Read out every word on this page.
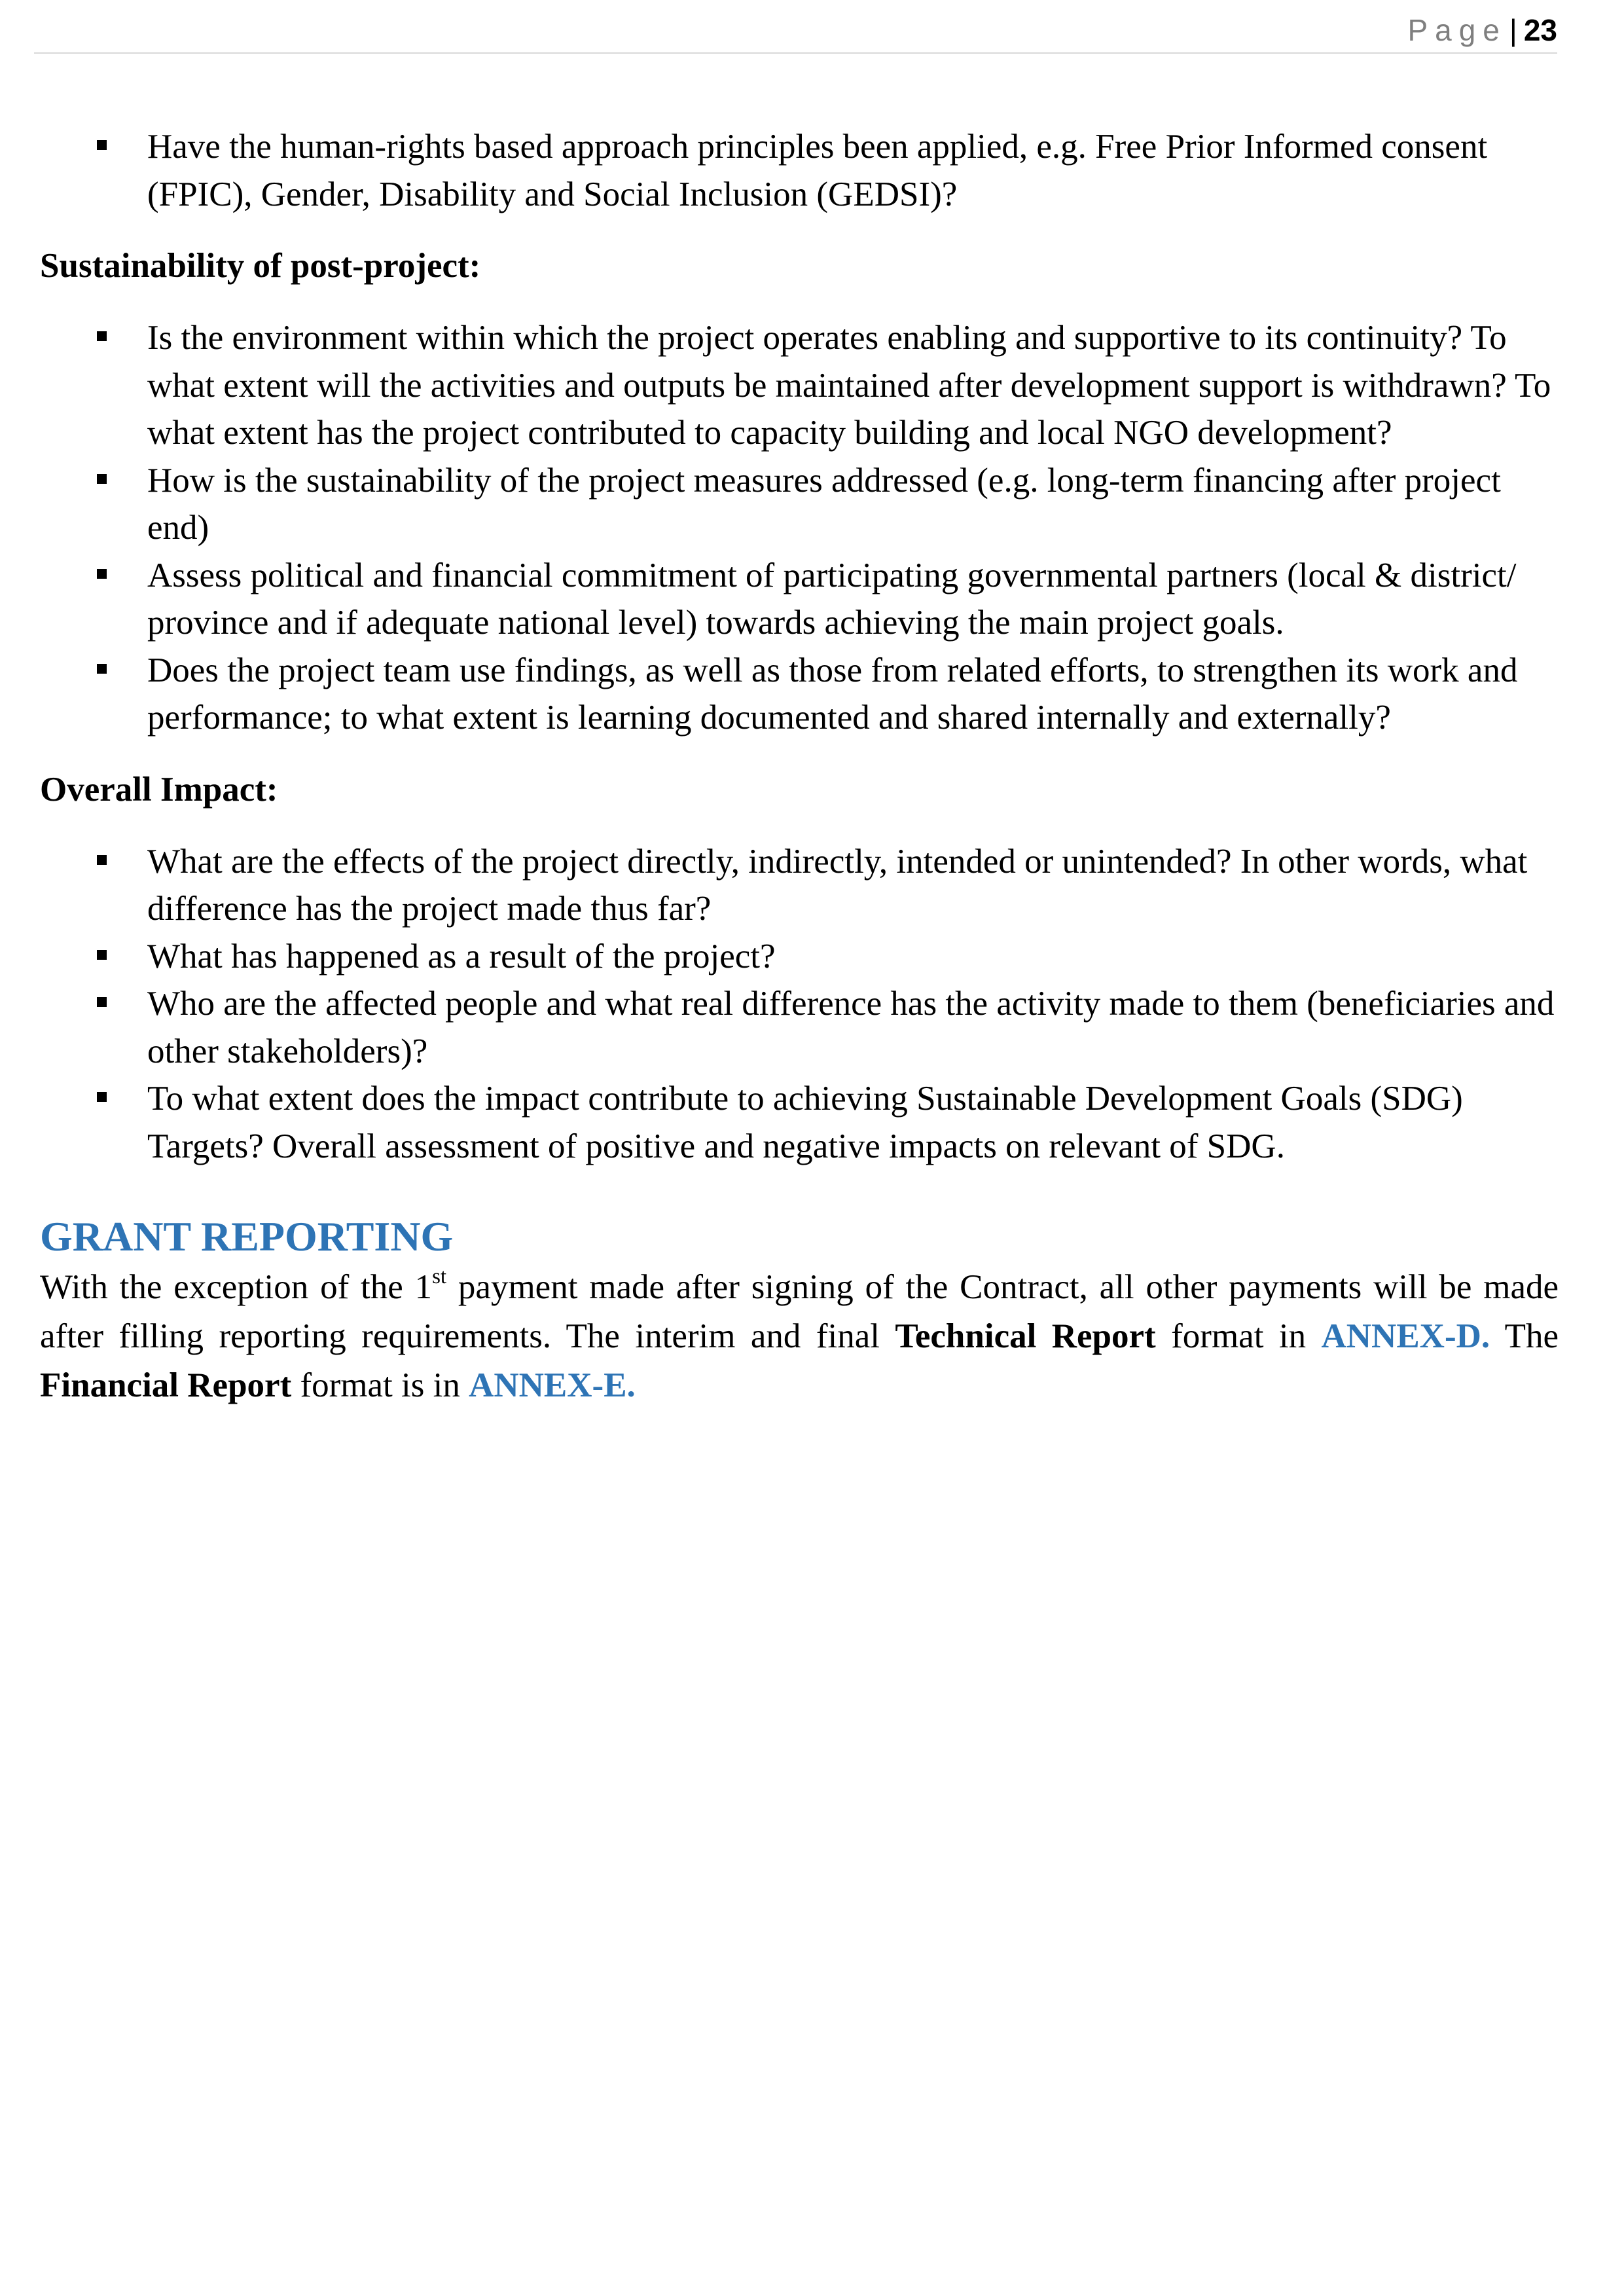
Page| 23
Have the human-rights based approach principles been applied, e.g. Free Prior Informed consent (FPIC), Gender, Disability and Social Inclusion (GEDSI)?
Sustainability of post-project:
Is the environment within which the project operates enabling and supportive to its continuity? To what extent will the activities and outputs be maintained after development support is withdrawn? To what extent has the project contributed to capacity building and local NGO development?
How is the sustainability of the project measures addressed (e.g. long-term financing after project end)
Assess political and financial commitment of participating governmental partners (local & district/ province and if adequate national level) towards achieving the main project goals.
Does the project team use findings, as well as those from related efforts, to strengthen its work and performance; to what extent is learning documented and shared internally and externally?
Overall Impact:
What are the effects of the project directly, indirectly, intended or unintended? In other words, what difference has the project made thus far?
What has happened as a result of the project?
Who are the affected people and what real difference has the activity made to them (beneficiaries and other stakeholders)?
To what extent does the impact contribute to achieving Sustainable Development Goals (SDG) Targets? Overall assessment of positive and negative impacts on relevant of SDG.
GRANT REPORTING

With the exception of the 1st payment made after signing of the Contract, all other payments will be made after filling reporting requirements. The interim and final Technical Report format in ANNEX-D. The Financial Report format is in ANNEX-E.
